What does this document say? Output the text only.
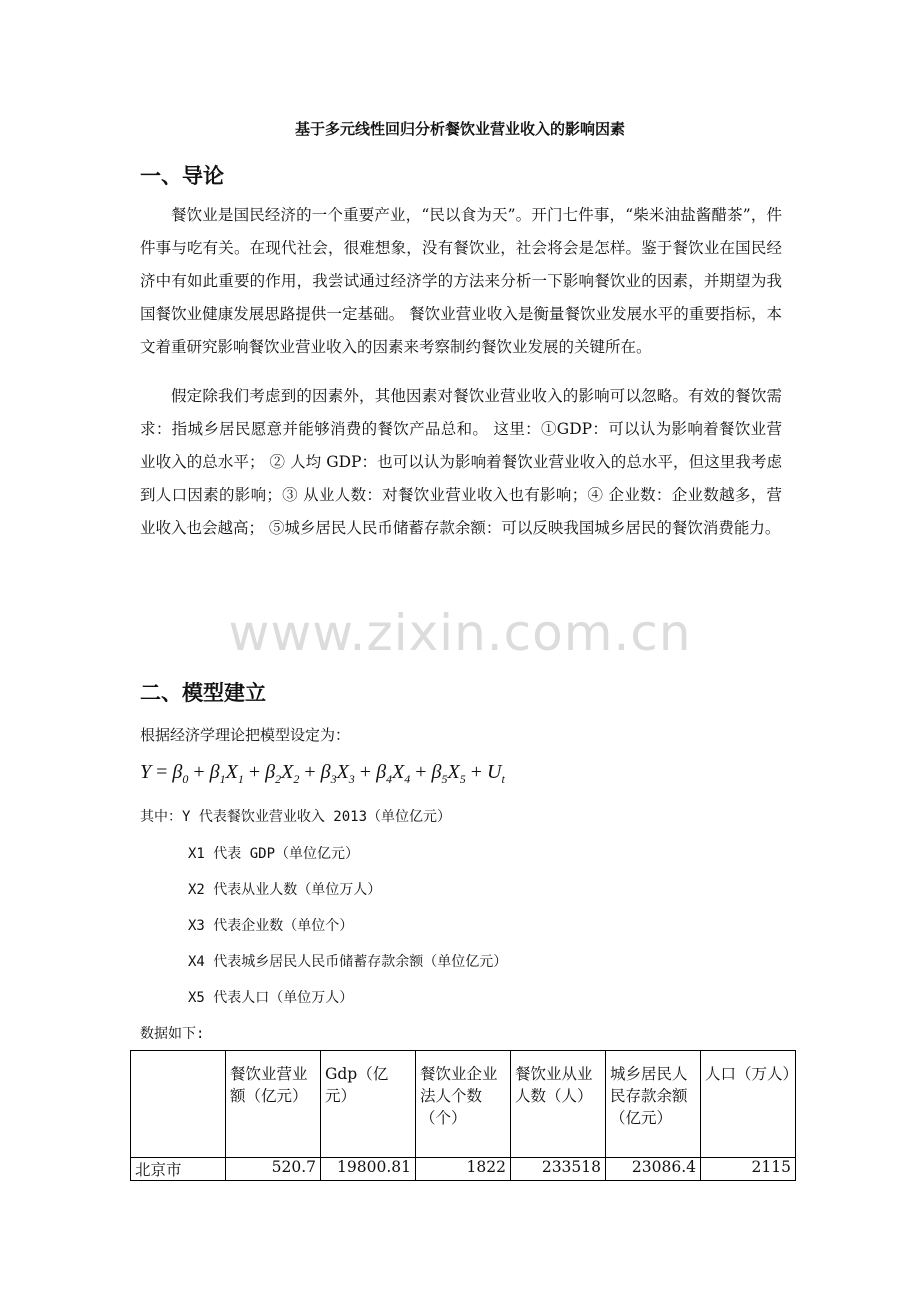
基于多元线性回归分析餐饮业营业收入的影响因素
一、导论

餐饮业是国民经济的一个重要产业，“民以食为天”。开门七件事，“柴米油盐酱醋茶”，件件事与吃有关。在现代社会，很难想象，没有餐饮业，社会将会是怎样。鉴于餐饮业在国民经济中有如此重要的作用，我尝试通过经济学的方法来分析一下影响餐饮业的因素，并期望为我国餐饮业健康发展思路提供一定基础。 餐饮业营业收入是衡量餐饮业发展水平的重要指标，本文着重研究影响餐饮业营业收入的因素来考察制约餐饮业发展的关键所在。

假定除我们考虑到的因素外，其他因素对餐饮业营业收入的影响可以忽略。有效的餐饮需求：指城乡居民愿意并能够消费的餐饮产品总和。 这里：①GDP：可以认为影响着餐饮业营业收入的总水平； ② 人均 GDP：也可以认为影响着餐饮业营业收入的总水平，但这里我考虑到人口因素的影响；③ 从业人数：对餐饮业营业收入也有影响；④ 企业数：企业数越多，营业收入也会越高； ⑤城乡居民人民币储蓄存款余额：可以反映我国城乡居民的餐饮消费能力。

www.zixin.com.cn
二、模型建立
根据经济学理论把模型设定为：
$Y = \beta_0 + \beta_1X_1 + \beta_2X_2 + \beta_3X_3 + \beta_4X_4 + \beta_5X_5 + U_t$
其中：Y 代表餐饮业营业收入 2013（单位亿元）
X1 代表 GDP（单位亿元）
X2 代表从业人数（单位万人）
X3 代表企业数（单位个）
X4 代表城乡居民人民币储蓄存款余额（单位亿元）
X5 代表人口（单位万人）
数据如下:
	餐饮业营业额（亿元）	Gdp（亿元）	餐饮业企业法人个数（个）	餐饮业从业人数（人）	城乡居民人民存款余额（亿元）	人口（万人）
北京市	520.7	19800.81	1822	233518	23086.4	2115
